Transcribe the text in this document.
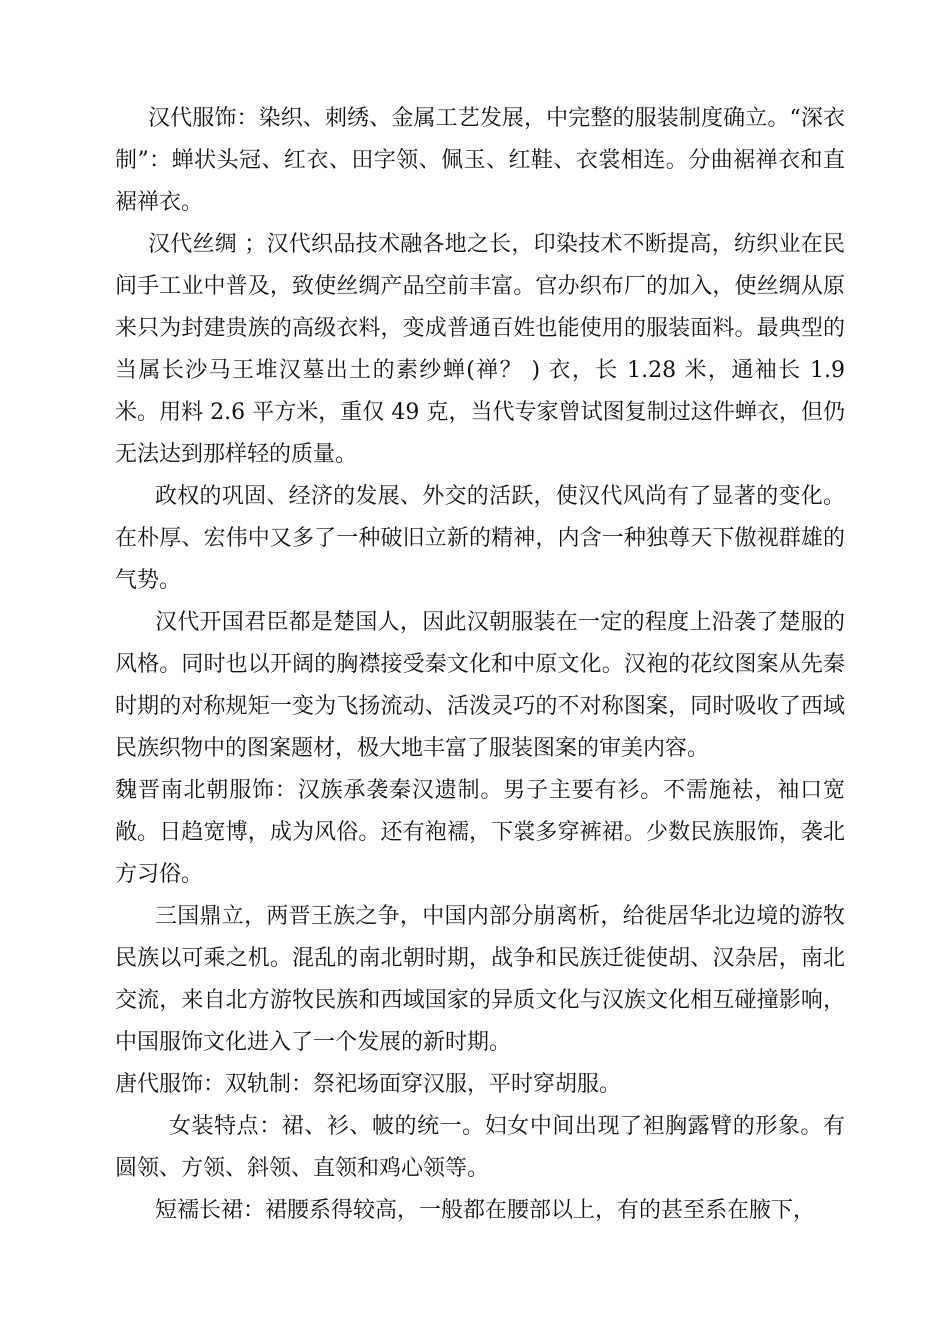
汉代服饰：染织、刺绣、金属工艺发展，中完整的服装制度确立。“深衣制”：蝉状头冠、红衣、田字领、佩玉、红鞋、衣裳相连。分曲裾禅衣和直裾禅衣。

汉代丝绸 ；汉代织品技术融各地之长，印染技术不断提高，纺织业在民间手工业中普及，致使丝绸产品空前丰富。官办织布厂的加入，使丝绸从原来只为封建贵族的高级衣料，变成普通百姓也能使用的服装面料。最典型的当属长沙马王堆汉墓出土的素纱蝉(禅？ ) 衣，长 1.28 米，通袖长 1.9 米。用料 2.6 平方米，重仅 49 克，当代专家曾试图复制过这件蝉衣，但仍无法达到那样轻的质量。

政权的巩固、经济的发展、外交的活跃，使汉代风尚有了显著的变化。在朴厚、宏伟中又多了一种破旧立新的精神，内含一种独尊天下傲视群雄的气势。

汉代开国君臣都是楚国人，因此汉朝服装在一定的程度上沿袭了楚服的风格。同时也以开阔的胸襟接受秦文化和中原文化。汉袍的花纹图案从先秦时期的对称规矩一变为飞扬流动、活泼灵巧的不对称图案，同时吸收了西域民族织物中的图案题材，极大地丰富了服装图案的审美内容。

魏晋南北朝服饰：汉族承袭秦汉遗制。男子主要有衫。不需施袪，袖口宽敞。日趋宽博，成为风俗。还有袍襦，下裳多穿裤裙。少数民族服饰，袭北方习俗。

三国鼎立，两晋王族之争，中国内部分崩离析，给徙居华北边境的游牧民族以可乘之机。混乱的南北朝时期，战争和民族迁徙使胡、汉杂居，南北交流，来自北方游牧民族和西域国家的异质文化与汉族文化相互碰撞影响，中国服饰文化进入了一个发展的新时期。

唐代服饰：双轨制：祭祀场面穿汉服，平时穿胡服。

女装特点：裙、衫、帔的统一。妇女中间出现了袒胸露臂的形象。有圆领、方领、斜领、直领和鸡心领等。

短襦长裙：裙腰系得较高，一般都在腰部以上，有的甚至系在腋下，
